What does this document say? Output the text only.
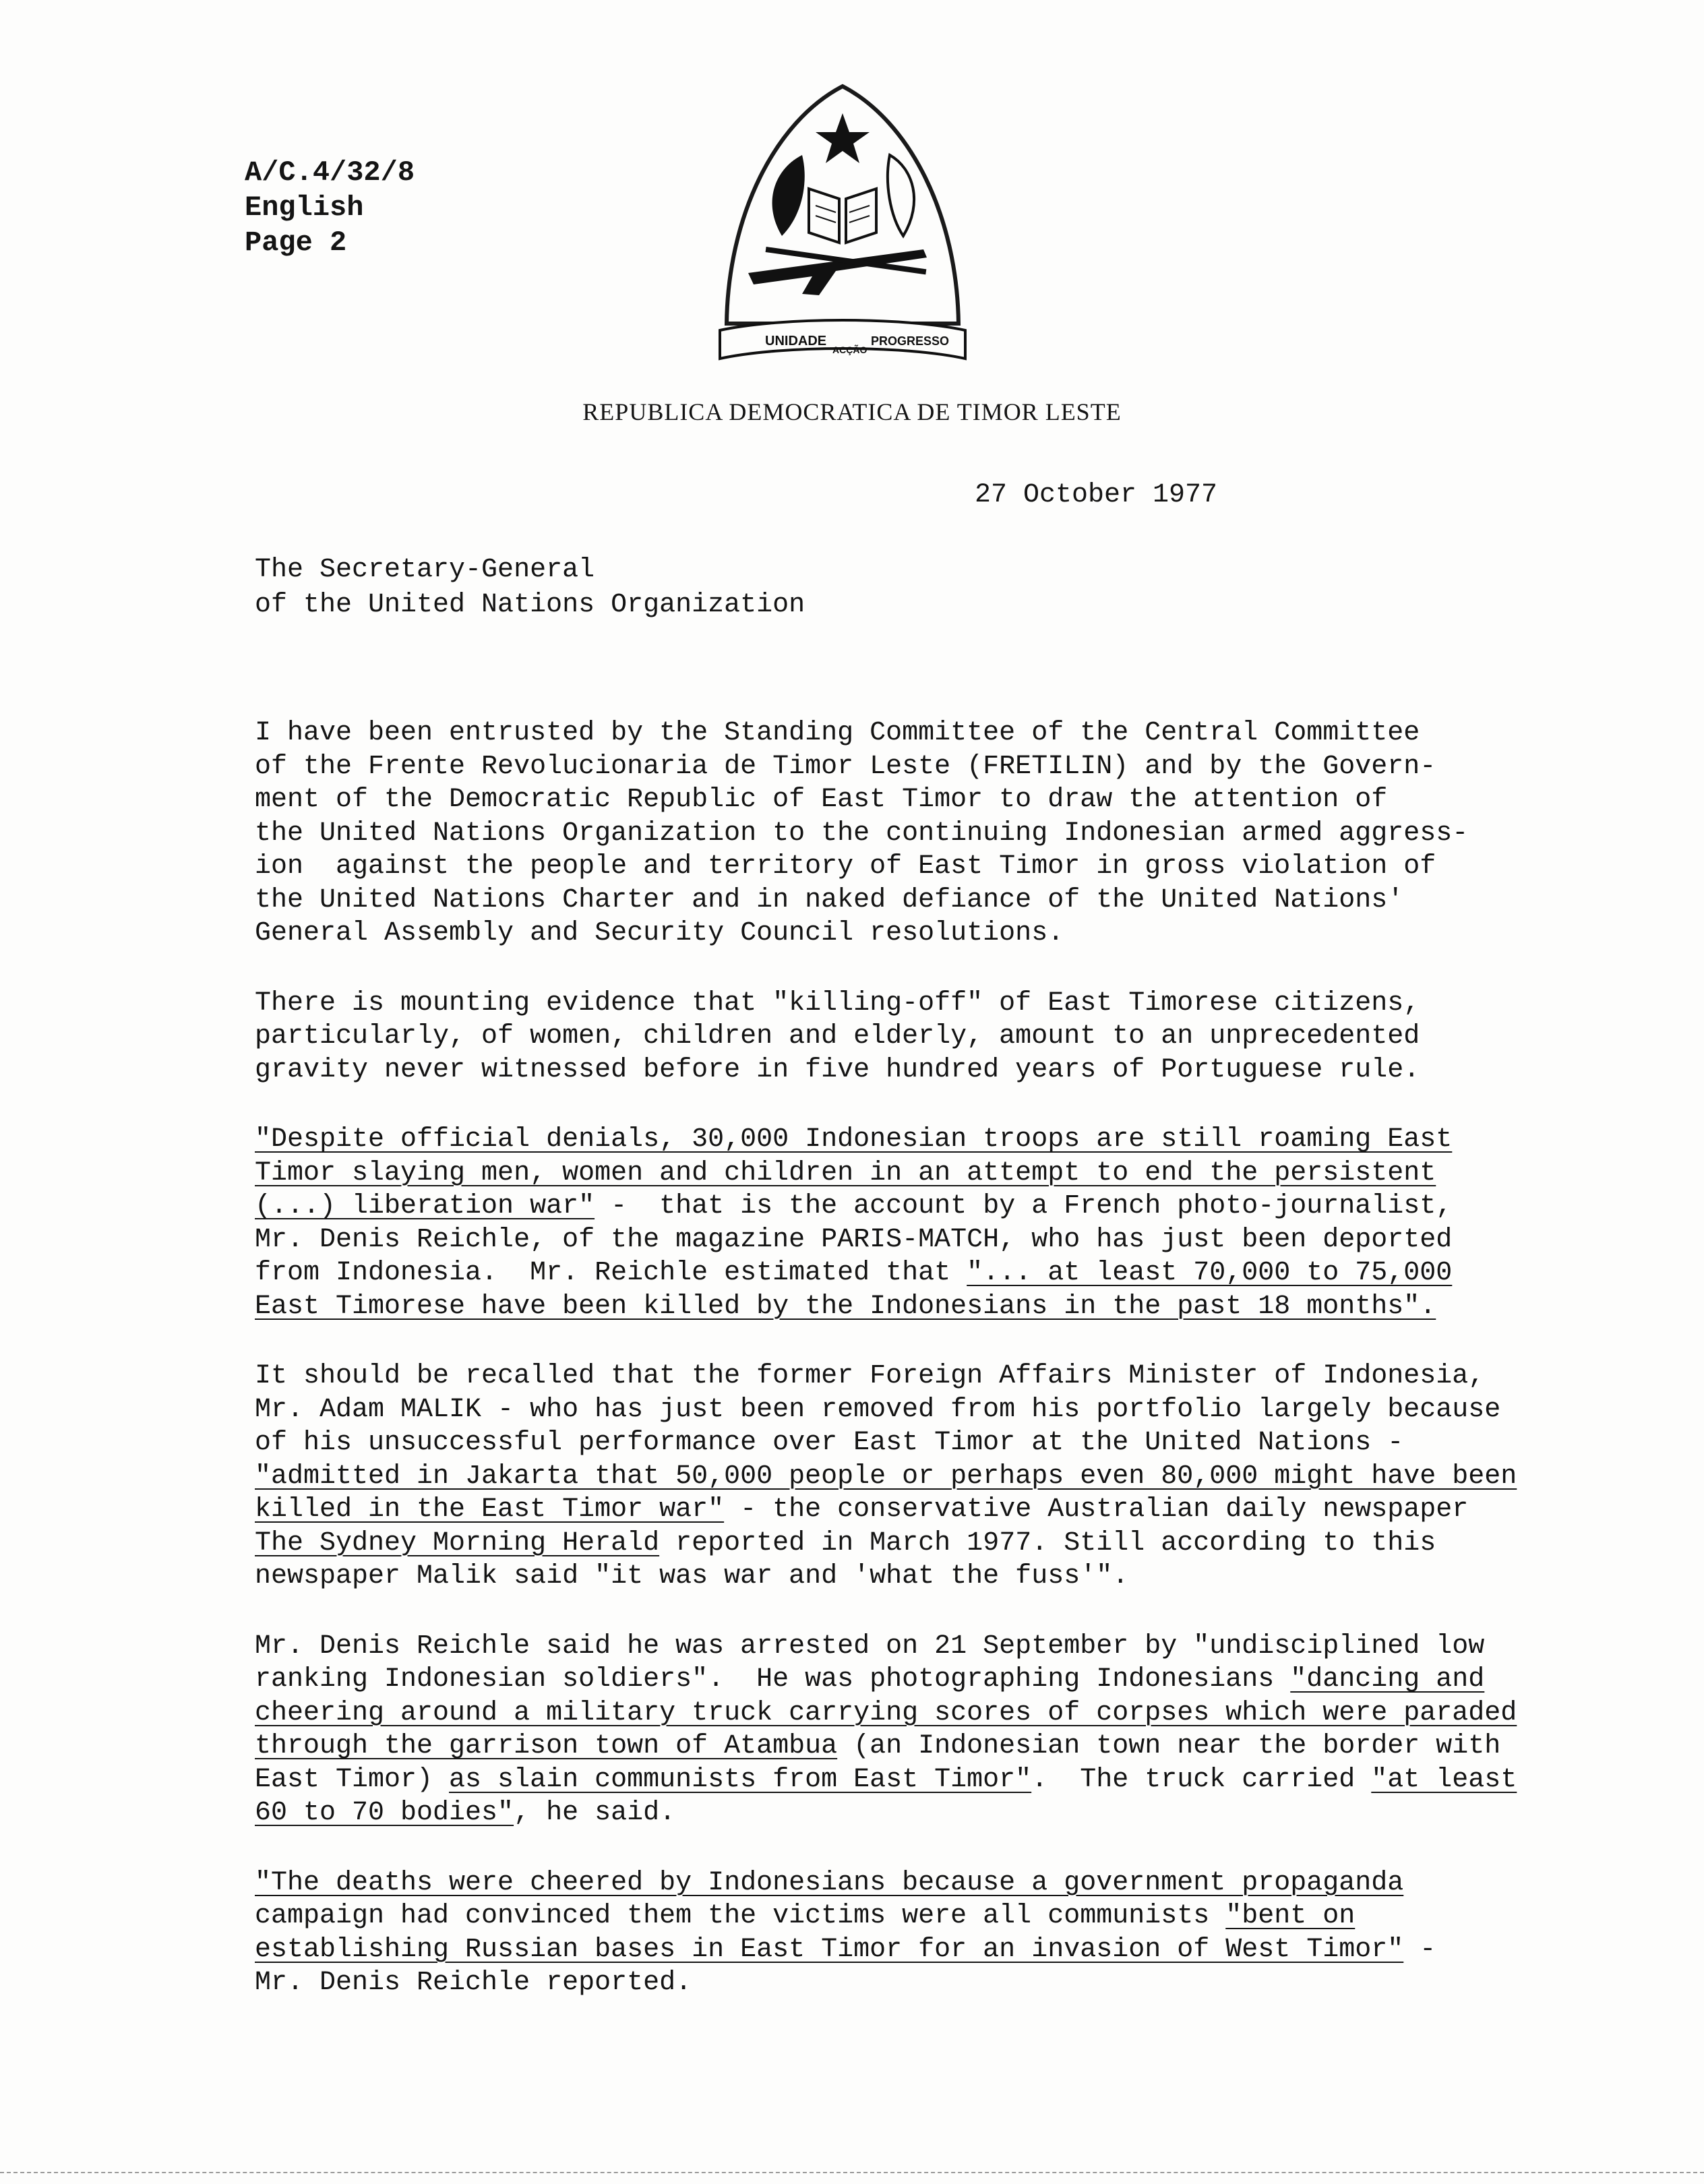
A/C.4/32/8
English
Page 2
UNIDADE
ACÇÃO
PROGRESSO
REPUBLICA DEMOCRATICA DE TIMOR LESTE
27 October 1977
The Secretary-General
of the United Nations Organization
I have been entrusted by the Standing Committee of the Central Committee
of the Frente Revolucionaria de Timor Leste (FRETILIN) and by the Govern-
ment of the Democratic Republic of East Timor to draw the attention of
the United Nations Organization to the continuing Indonesian armed aggress-
ion  against the people and territory of East Timor in gross violation of
the United Nations Charter and in naked defiance of the United Nations'
General Assembly and Security Council resolutions.
There is mounting evidence that "killing-off" of East Timorese citizens,
particularly, of women, children and elderly, amount to an unprecedented
gravity never witnessed before in five hundred years of Portuguese rule.
"Despite official denials, 30,000 Indonesian troops are still roaming East
Timor slaying men, women and children in an attempt to end the persistent
(...) liberation war" -  that is the account by a French photo-journalist,
Mr. Denis Reichle, of the magazine PARIS-MATCH, who has just been deported
from Indonesia.  Mr. Reichle estimated that "... at least 70,000 to 75,000
East Timorese have been killed by the Indonesians in the past 18 months".
It should be recalled that the former Foreign Affairs Minister of Indonesia,
Mr. Adam MALIK - who has just been removed from his portfolio largely because
of his unsuccessful performance over East Timor at the United Nations -
"admitted in Jakarta that 50,000 people or perhaps even 80,000 might have been
killed in the East Timor war" - the conservative Australian daily newspaper
The Sydney Morning Herald reported in March 1977. Still according to this
newspaper Malik said "it was war and 'what the fuss'".
Mr. Denis Reichle said he was arrested on 21 September by "undisciplined low
ranking Indonesian soldiers".  He was photographing Indonesians "dancing and
cheering around a military truck carrying scores of corpses which were paraded
through the garrison town of Atambua (an Indonesian town near the border with
East Timor) as slain communists from East Timor".  The truck carried "at least
60 to 70 bodies", he said.
"The deaths were cheered by Indonesians because a government propaganda
campaign had convinced them the victims were all communists "bent on
establishing Russian bases in East Timor for an invasion of West Timor" -
Mr. Denis Reichle reported.
